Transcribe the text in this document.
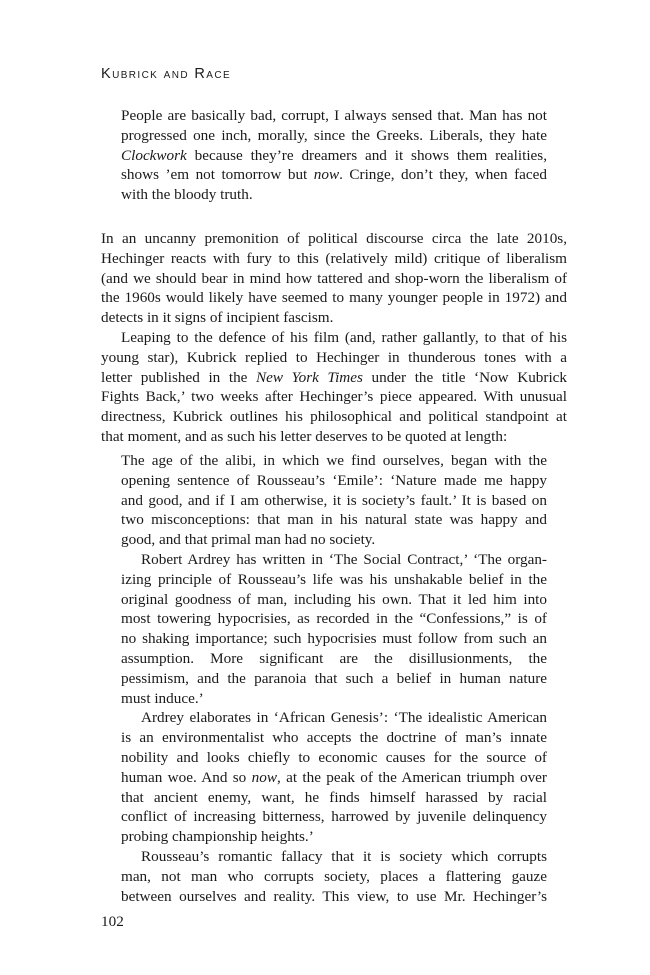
Kubrick and Race
People are basically bad, corrupt, I always sensed that. Man has not
progressed one inch, morally, since the Greeks. Liberals, they hate
Clockwork because they’re dreamers and it shows them realities,
shows ’em not tomorrow but now. Cringe, don’t they, when faced
with the bloody truth.
In an uncanny premonition of political discourse circa the late 2010s,
Hechinger reacts with fury to this (relatively mild) critique of liberalism
(and we should bear in mind how tattered and shop-worn the liberalism of
the 1960s would likely have seemed to many younger people in 1972) and
detects in it signs of incipient fascism.
Leaping to the defence of his film (and, rather gallantly, to that of his
young star), Kubrick replied to Hechinger in thunderous tones with a
letter published in the New York Times under the title ‘Now Kubrick
Fights Back,’ two weeks after Hechinger’s piece appeared. With unusual
directness, Kubrick outlines his philosophical and political standpoint at
that moment, and as such his letter deserves to be quoted at length:
The age of the alibi, in which we find ourselves, began with the
opening sentence of Rousseau’s ‘Emile’: ‘Nature made me happy
and good, and if I am otherwise, it is society’s fault.’ It is based on
two misconceptions: that man in his natural state was happy and
good, and that primal man had no society.
Robert Ardrey has written in ‘The Social Contract,’ ‘The organ-
izing principle of Rousseau’s life was his unshakable belief in the
original goodness of man, including his own. That it led him into
most towering hypocrisies, as recorded in the “Confessions,” is of
no shaking importance; such hypocrisies must follow from such an
assumption. More significant are the disillusionments, the
pessimism, and the paranoia that such a belief in human nature
must induce.’
Ardrey elaborates in ‘African Genesis’: ‘The idealistic American
is an environmentalist who accepts the doctrine of man’s innate
nobility and looks chiefly to economic causes for the source of
human woe. And so now, at the peak of the American triumph over
that ancient enemy, want, he finds himself harassed by racial
conflict of increasing bitterness, harrowed by juvenile delinquency
probing championship heights.’
Rousseau’s romantic fallacy that it is society which corrupts
man, not man who corrupts society, places a flattering gauze
between ourselves and reality. This view, to use Mr. Hechinger’s
102
